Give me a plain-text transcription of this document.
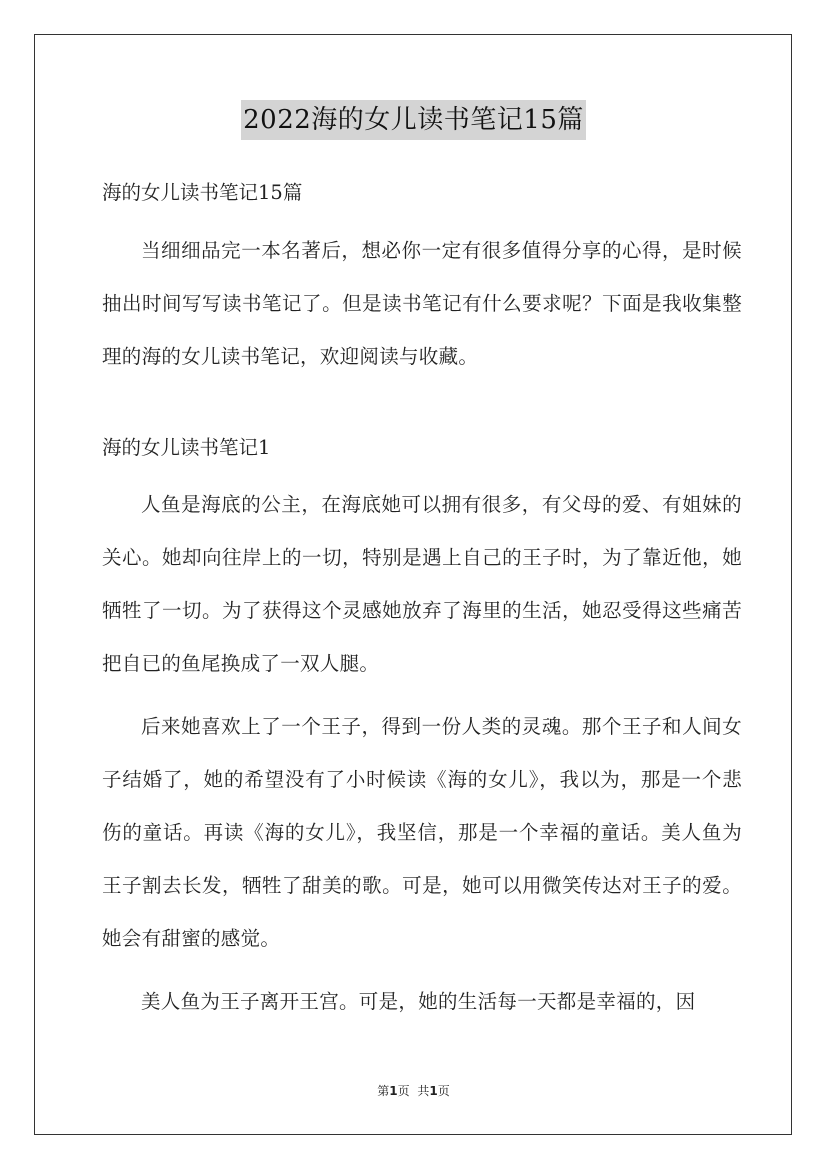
2022海的女儿读书笔记15篇

海的女儿读书笔记15篇

当细细品完一本名著后，想必你一定有很多值得分享的心得，是时候抽出时间写写读书笔记了。但是读书笔记有什么要求呢？下面是我收集整理的海的女儿读书笔记，欢迎阅读与收藏。

海的女儿读书笔记1

人鱼是海底的公主，在海底她可以拥有很多，有父母的爱、有姐妹的关心。她却向往岸上的一切，特别是遇上自己的王子时，为了靠近他，她牺牲了一切。为了获得这个灵感她放弃了海里的生活，她忍受得这些痛苦把自已的鱼尾换成了一双人腿。

后来她喜欢上了一个王子，得到一份人类的灵魂。那个王子和人间女子结婚了，她的希望没有了小时候读《海的女儿》，我以为，那是一个悲伤的童话。再读《海的女儿》，我坚信，那是一个幸福的童话。美人鱼为王子割去长发，牺牲了甜美的歌。可是，她可以用微笑传达对王子的爱。她会有甜蜜的感觉。

美人鱼为王子离开王宫。可是，她的生活每一天都是幸福的，因

第1页 共1页
